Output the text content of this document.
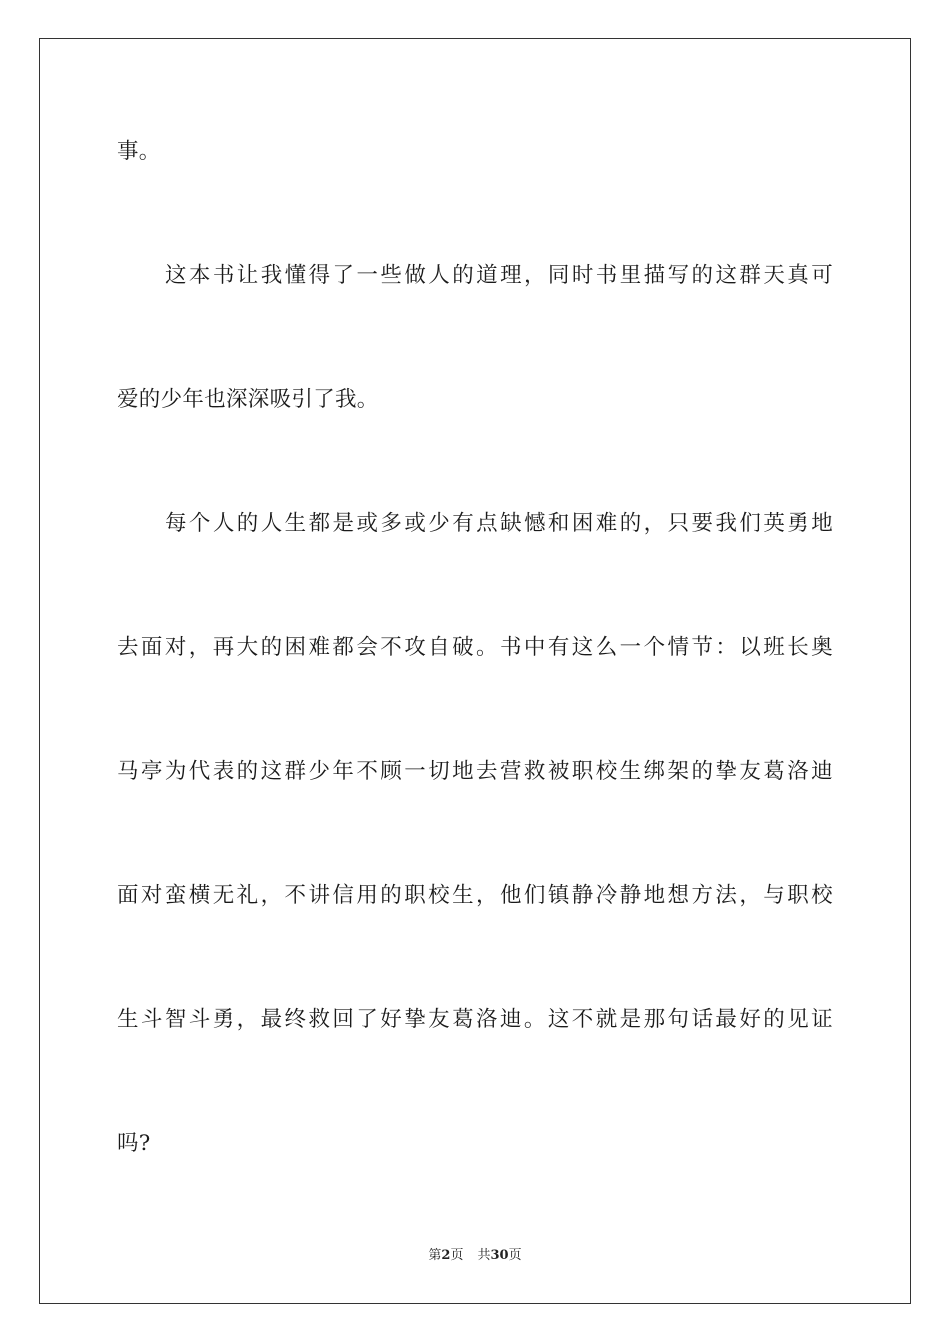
事。
这本书让我懂得了一些做人的道理，同时书里描写的这群天真可
爱的少年也深深吸引了我。
每个人的人生都是或多或少有点缺憾和困难的，只要我们英勇地
去面对，再大的困难都会不攻自破。书中有这么一个情节：以班长奥
马亭为代表的这群少年不顾一切地去营救被职校生绑架的挚友葛洛迪
面对蛮横无礼，不讲信用的职校生，他们镇静冷静地想方法，与职校
生斗智斗勇，最终救回了好挚友葛洛迪。这不就是那句话最好的见证
吗?
第2页 共30页
